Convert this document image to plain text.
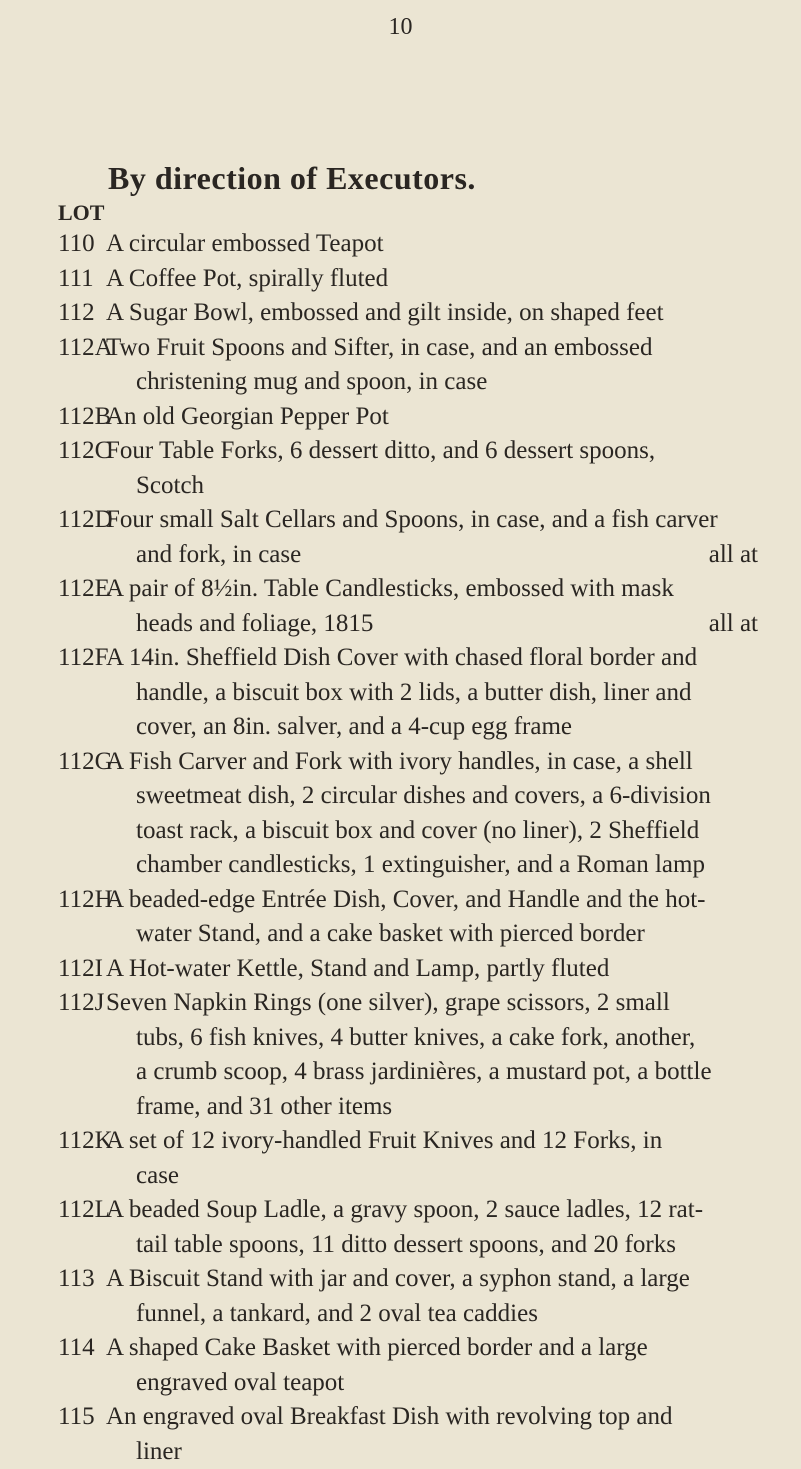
10
By direction of Executors.
LOT
110 A circular embossed Teapot
111 A Coffee Pot, spirally fluted
112 A Sugar Bowl, embossed and gilt inside, on shaped feet
112A
Two Fruit Spoons and Sifter, in case, and an embossed
christening mug and spoon, in case
112B
An old Georgian Pepper Pot
112C
Four Table Forks, 6 dessert ditto, and 6 dessert spoons,
Scotch
112D
Four small Salt Cellars and Spoons, in case, and a fish carver
and fork, in case	all at
112E
A pair of 8½in. Table Candlesticks, embossed with mask
heads and foliage, 1815	all at
112F
A 14in. Sheffield Dish Cover with chased floral border and
handle, a biscuit box with 2 lids, a butter dish, liner and
cover, an 8in. salver, and a 4-cup egg frame
112G
A Fish Carver and Fork with ivory handles, in case, a shell
sweetmeat dish, 2 circular dishes and covers, a 6-division
toast rack, a biscuit box and cover (no liner), 2 Sheffield
chamber candlesticks, 1 extinguisher, and a Roman lamp
112H
A beaded-edge Entrée Dish, Cover, and Handle and the hot-
water Stand, and a cake basket with pierced border
112I A Hot-water Kettle, Stand and Lamp, partly fluted
112J Seven Napkin Rings (one silver), grape scissors, 2 small
tubs, 6 fish knives, 4 butter knives, a cake fork, another,
a crumb scoop, 4 brass jardinières, a mustard pot, a bottle
frame, and 31 other items
112K
A set of 12 ivory-handled Fruit Knives and 12 Forks, in
case
112L
A beaded Soup Ladle, a gravy spoon, 2 sauce ladles, 12 rat-
tail table spoons, 11 ditto dessert spoons, and 20 forks
113 A Biscuit Stand with jar and cover, a syphon stand, a large
funnel, a tankard, and 2 oval tea caddies
114 A shaped Cake Basket with pierced border and a large
engraved oval teapot
115 An engraved oval Breakfast Dish with revolving top and
liner
